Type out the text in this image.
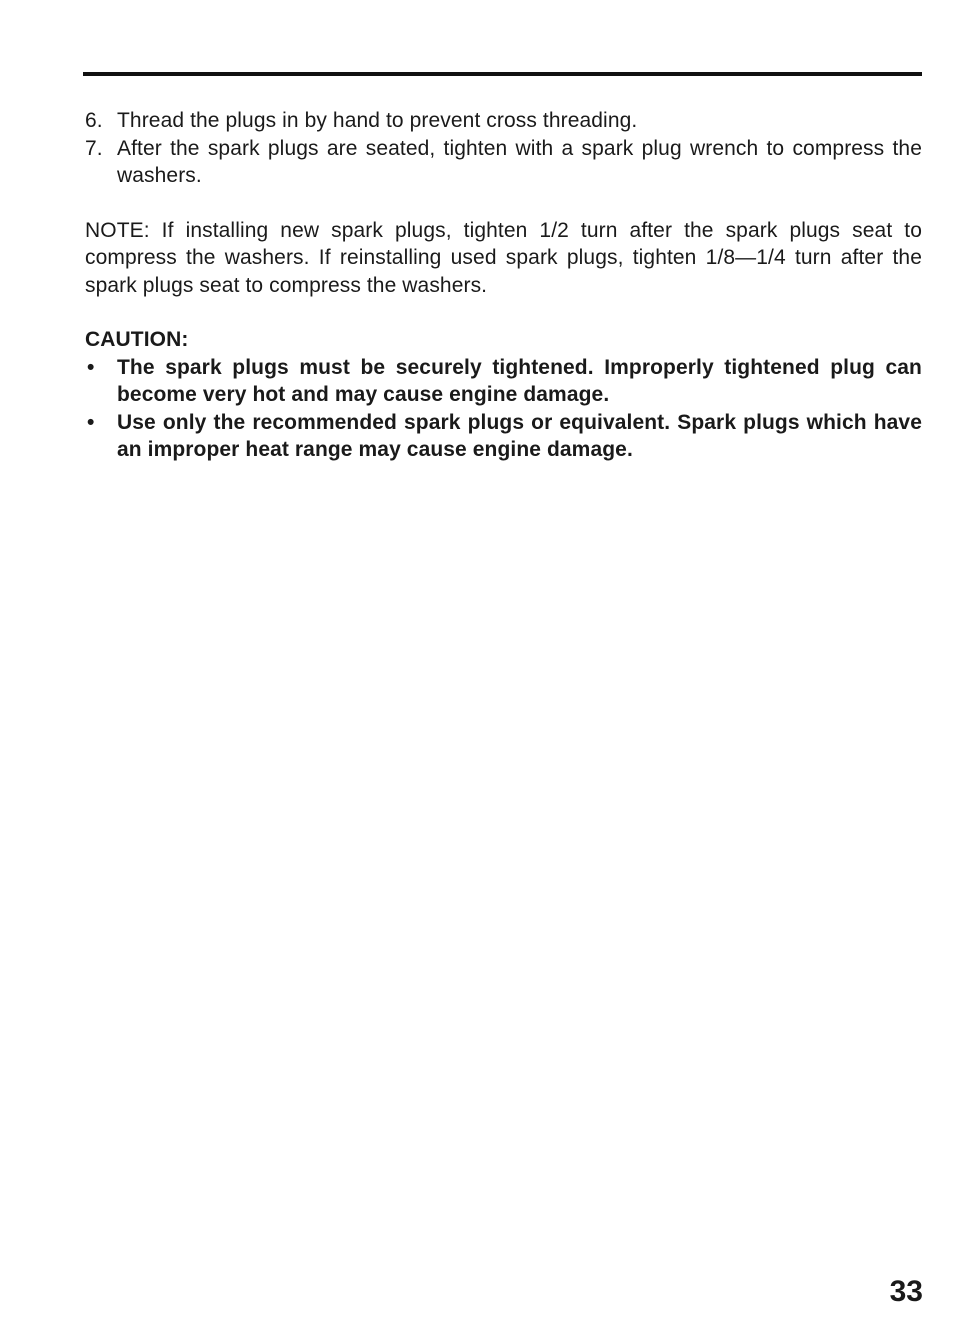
6. Thread the plugs in by hand to prevent cross threading.
7. After the spark plugs are seated, tighten with a spark plug wrench to compress the washers.
NOTE: If installing new spark plugs, tighten 1/2 turn after the spark plugs seat to compress the washers. If reinstalling used spark plugs, tighten 1/8—1/4 turn after the spark plugs seat to compress the washers.
CAUTION:
•	The spark plugs must be securely tightened. Improperly tightened plug can become very hot and may cause engine damage.
•	Use only the recommended spark plugs or equivalent. Spark plugs which have an improper heat range may cause engine damage.
33
